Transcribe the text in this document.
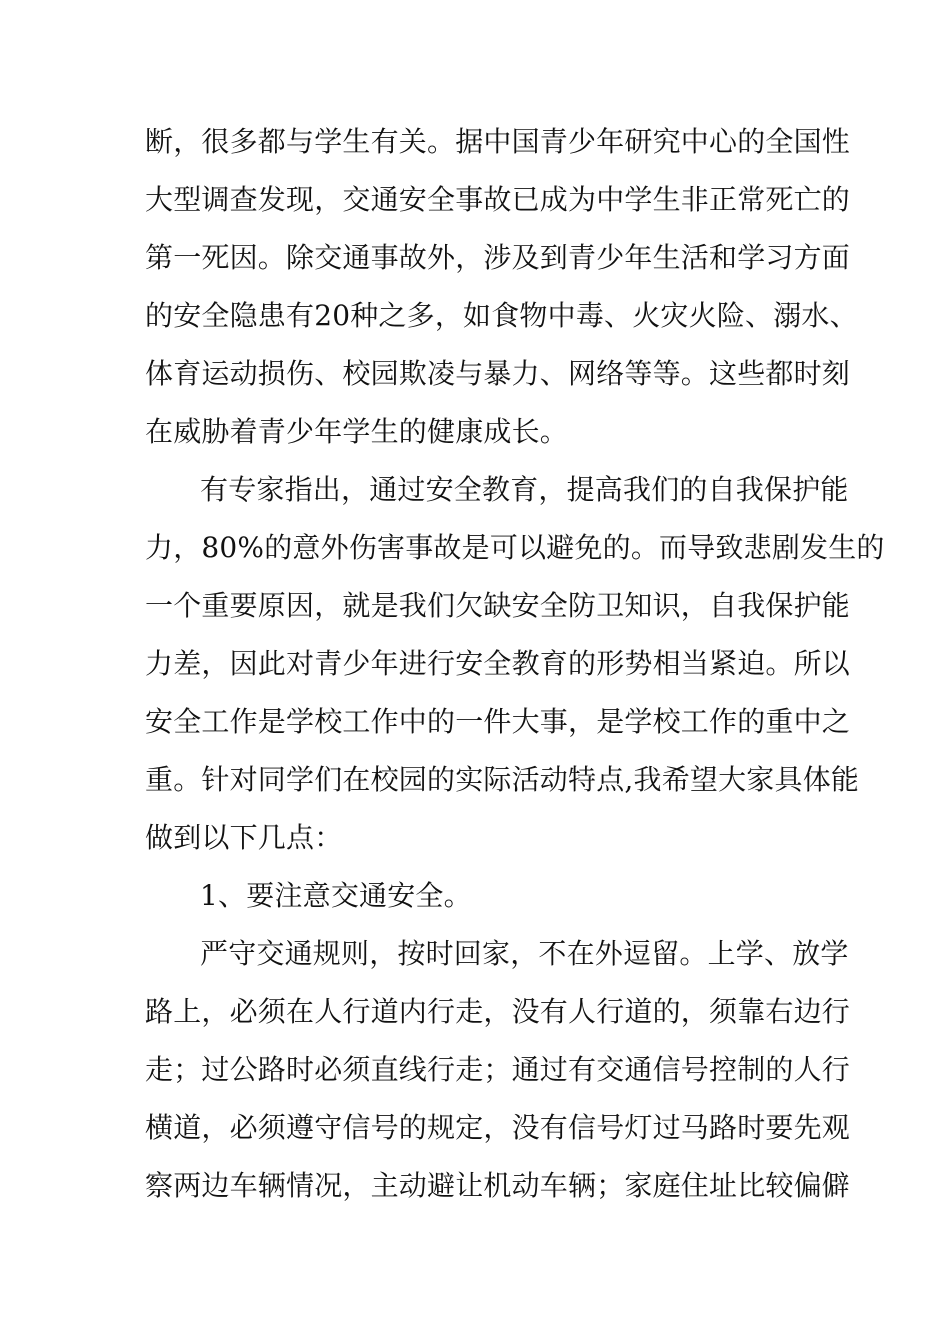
断，很多都与学生有关。据中国青少年研究中心的全国性
大型调查发现，交通安全事故已成为中学生非正常死亡的
第一死因。除交通事故外，涉及到青少年生活和学习方面
的安全隐患有20种之多，如食物中毒、火灾火险、溺水、
体育运动损伤、校园欺凌与暴力、网络等等。这些都时刻
在威胁着青少年学生的健康成长。
有专家指出，通过安全教育，提高我们的自我保护能
力，80%的意外伤害事故是可以避免的。而导致悲剧发生的
一个重要原因，就是我们欠缺安全防卫知识，自我保护能
力差，因此对青少年进行安全教育的形势相当紧迫。所以
安全工作是学校工作中的一件大事，是学校工作的重中之
重。针对同学们在校园的实际活动特点,我希望大家具体能
做到以下几点：
1、要注意交通安全。
严守交通规则，按时回家，不在外逗留。上学、放学
路上，必须在人行道内行走，没有人行道的，须靠右边行
走；过公路时必须直线行走；通过有交通信号控制的人行
横道，必须遵守信号的规定，没有信号灯过马路时要先观
察两边车辆情况，主动避让机动车辆；家庭住址比较偏僻
